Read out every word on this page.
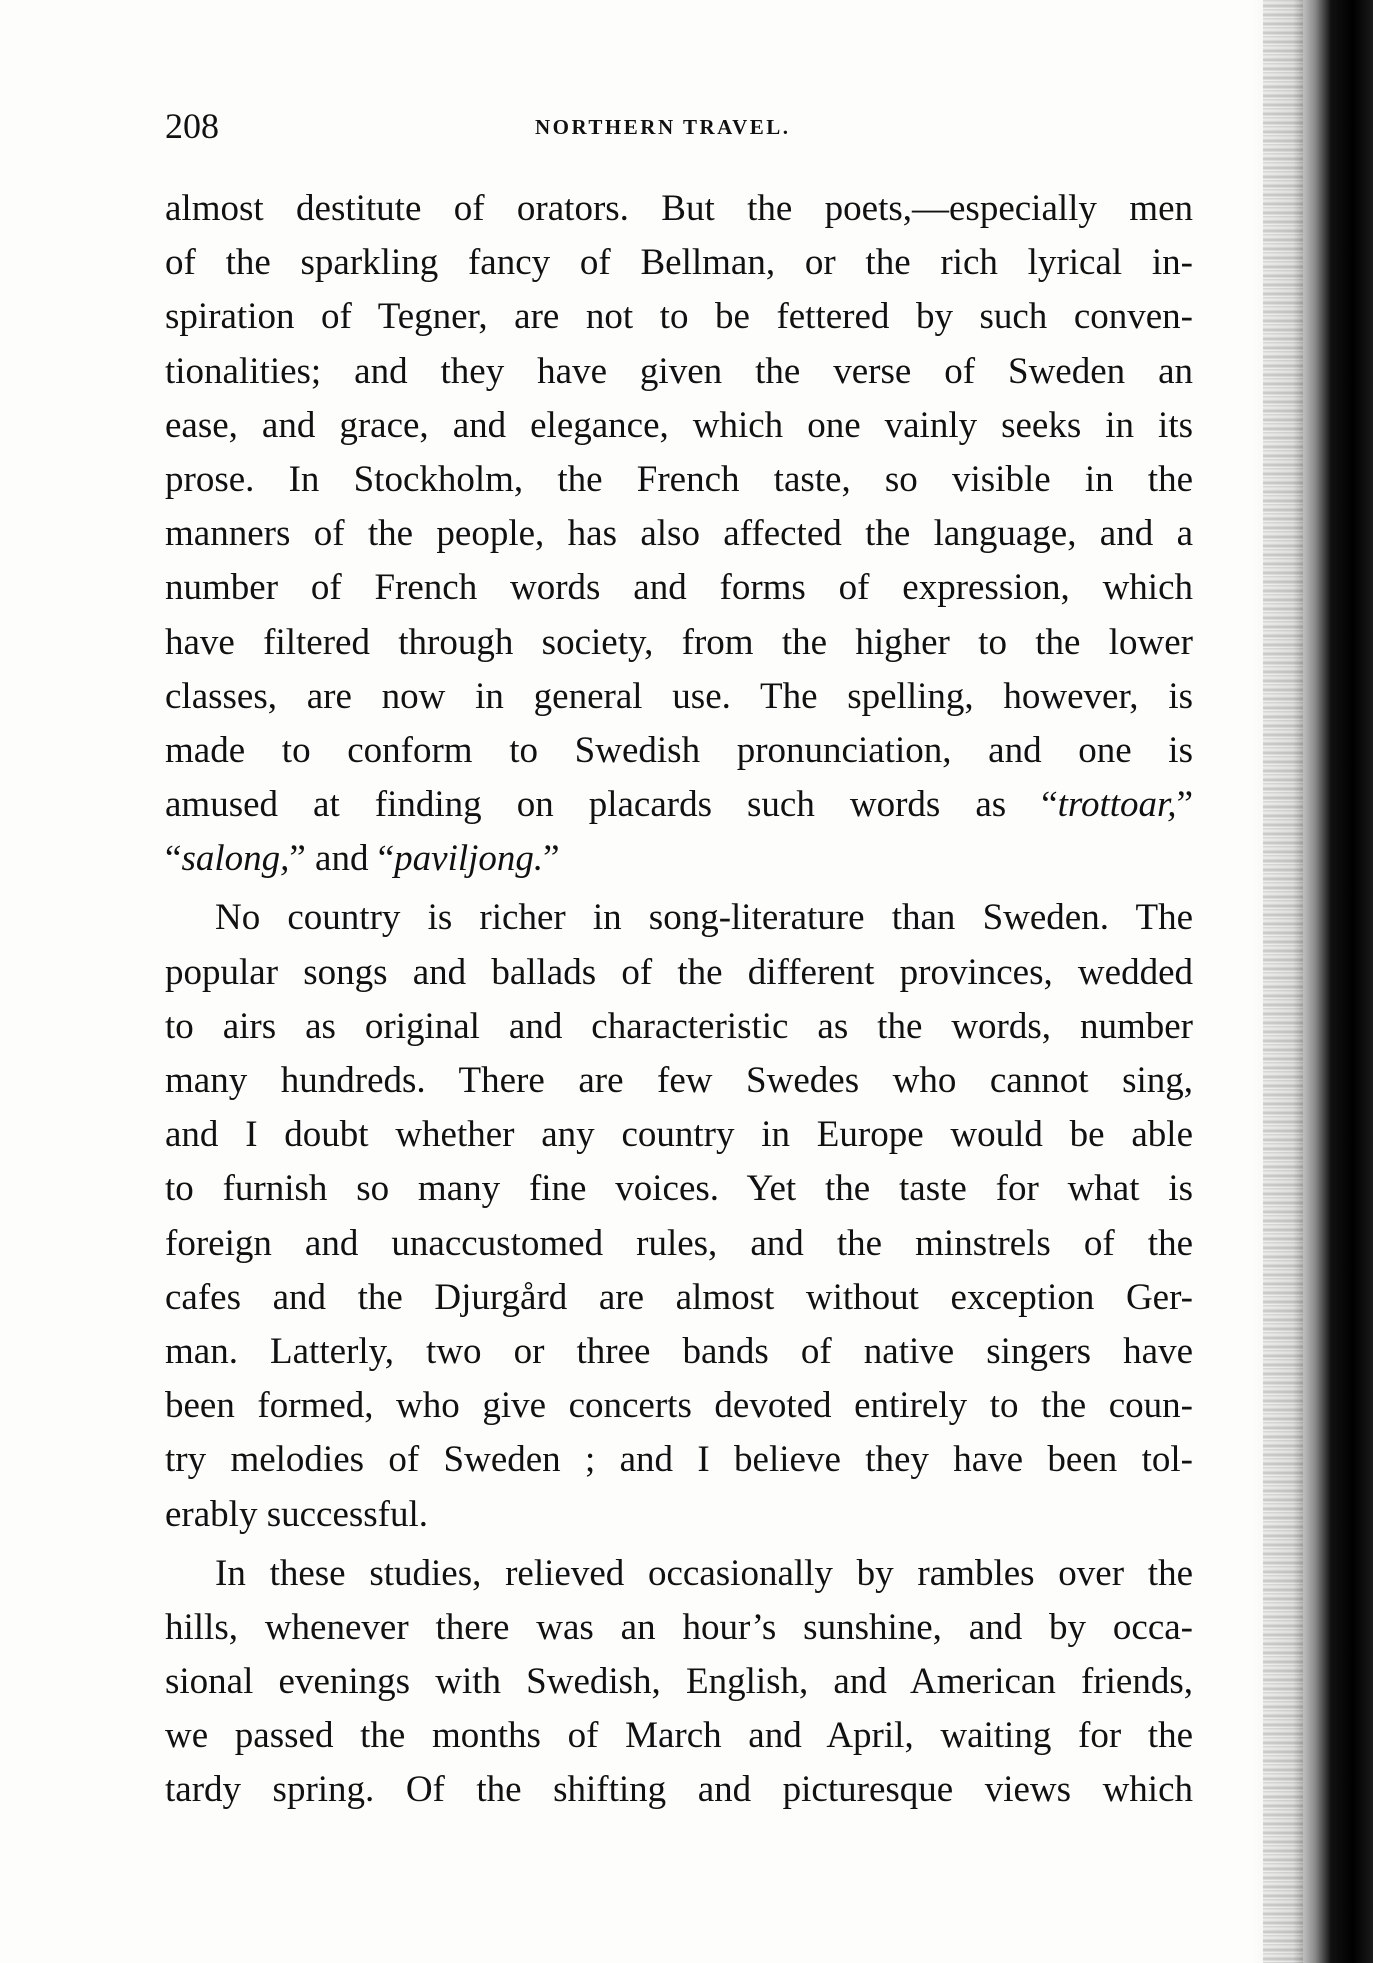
208	NORTHERN TRAVEL.
almost destitute of orators. But the poets,—especially men
of the sparkling fancy of Bellman, or the rich lyrical in-
spiration of Tegner, are not to be fettered by such conven-
tionalities; and they have given the verse of Sweden an
ease, and grace, and elegance, which one vainly seeks in its
prose. In Stockholm, the French taste, so visible in the
manners of the people, has also affected the language, and a
number of French words and forms of expression, which
have filtered through society, from the higher to the lower
classes, are now in general use. The spelling, however, is
made to conform to Swedish pronunciation, and one is
amused at finding on placards such words as “trottoar,”
“salong,” and “paviljong.”
No country is richer in song-literature than Sweden. The
popular songs and ballads of the different provinces, wedded
to airs as original and characteristic as the words, number
many hundreds. There are few Swedes who cannot sing,
and I doubt whether any country in Europe would be able
to furnish so many fine voices. Yet the taste for what is
foreign and unaccustomed rules, and the minstrels of the
cafes and the Djurgård are almost without exception Ger-
man. Latterly, two or three bands of native singers have
been formed, who give concerts devoted entirely to the coun-
try melodies of Sweden ; and I believe they have been tol-
erably successful.
In these studies, relieved occasionally by rambles over the
hills, whenever there was an hour’s sunshine, and by occa-
sional evenings with Swedish, English, and American friends,
we passed the months of March and April, waiting for the
tardy spring. Of the shifting and picturesque views which
